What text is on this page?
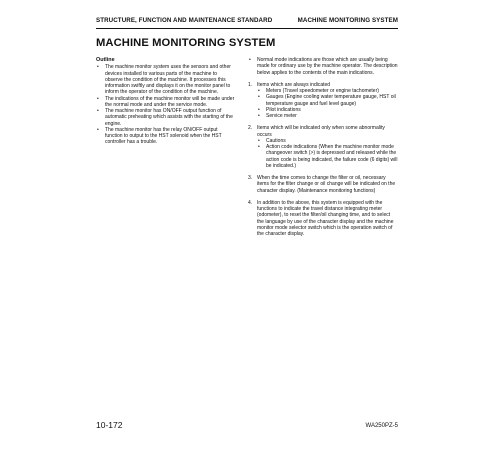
STRUCTURE, FUNCTION AND MAINTENANCE STANDARD	MACHINE MONITORING SYSTEM
MACHINE MONITORING SYSTEM
Outline
• The machine monitor system uses the sensors and other devices installed to various parts of the machine to observe the condition of the machine. It processes this information swiftly and displays it on the monitor panel to inform the operator of the condition of the machine.
• The indications of the machine monitor will be made under the normal mode and under the service mode.
• The machine monitor has ON/OFF output function of automatic preheating which assists with the starting of the engine.
• The machine monitor has the relay ON/OFF output function to output to the HST solenoid when the HST controller has a trouble.
• Normal mode indications are those which are usually being made for ordinary use by the machine operator. The description below applies to the contents of the main indications.
1. Items which are always indicated
• Meters (Travel speedometer or engine tachometer)
• Gauges (Engine cooling water temperature gauge, HST oil temperature gauge and fuel level gauge)
• Pilot indications
• Service meter
2. Items which will be indicated only when some abnormality occurs
• Cautions
• Action code indications (When the machine monitor mode changeover switch (>) is depressed and released while the action code is being indicated, the failure code (6 digits) will be indicated.)
3. When the time comes to change the filter or oil, necessary items for the filter change or oil change will be indicated on the character display. (Maintenance monitoring functions)
4. In addition to the above, this system is equipped with the functions to indicate the travel distance integrating meter (odometer), to reset the filter/oil changing time, and to select the language by use of the character display and the machine monitor mode selector switch which is the operation switch of the character display.
10-172	WA250PZ-5
